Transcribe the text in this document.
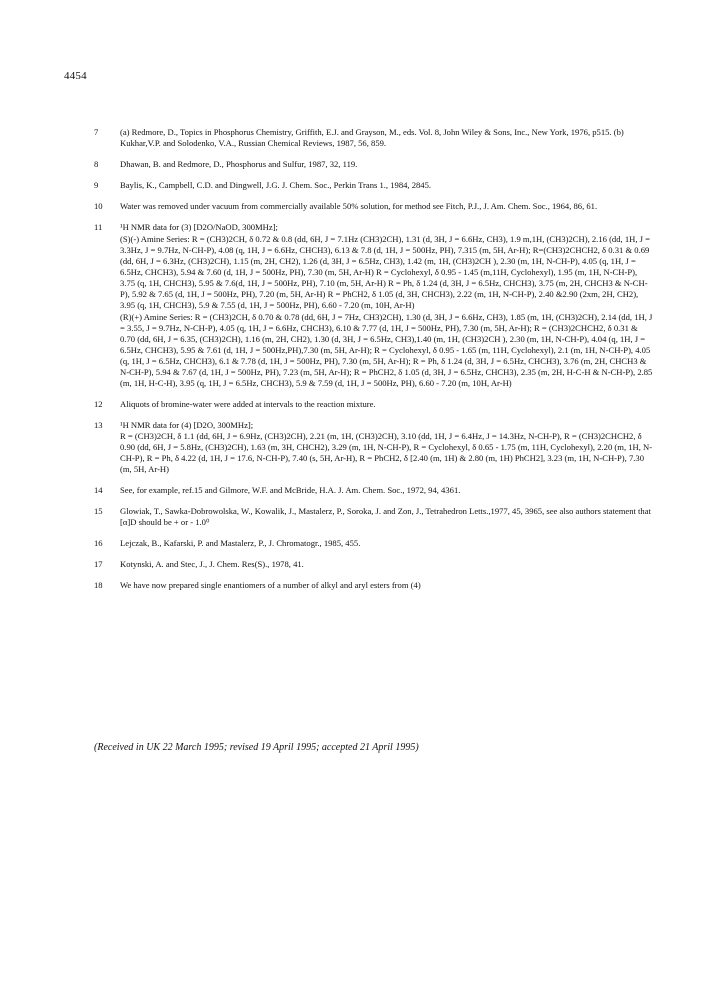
4454
7	(a) Redmore, D., Topics in Phosphorus Chemistry, Griffith, E.J. and Grayson, M., eds. Vol. 8, John Wiley & Sons, Inc., New York, 1976, p515. (b) Kukhar,V.P. and Solodenko, V.A., Russian Chemical Reviews, 1987, 56, 859.

8	Dhawan, B. and Redmore, D., Phosphorus and Sulfur, 1987, 32, 119.

9	Baylis, K., Campbell, C.D. and Dingwell, J.G. J. Chem. Soc., Perkin Trans 1., 1984, 2845.

10	Water was removed under vacuum from commercially available 50% solution, for method see Fitch, P.J., J. Am. Chem. Soc., 1964, 86, 61.

11	¹H NMR data for (3) [D2O/NaOD, 300MHz];

(S)(-) Amine Series: R = (CH3)2CH, δ 0.72 & 0.8 (dd, 6H, J = 7.1Hz (CH3)2CH), 1.31 (d, 3H, J = 6.6Hz, CH3), 1.9 m,1H, (CH3)2CH), 2.16 (dd, 1H, J = 3.3Hz, J = 9.7Hz, N-CH-P), 4.08 (q, 1H, J = 6.6Hz, CHCH3), 6.13 & 7.8 (d, 1H, J = 500Hz, PH), 7.315 (m, 5H, Ar-H); R=(CH3)2CHCH2, δ 0.31 & 0.69 (dd, 6H, J = 6.3Hz, (CH3)2CH), 1.15 (m, 2H, CH2), 1.26 (d, 3H, J = 6.5Hz, CH3), 1.42 (m, 1H, (CH3)2CH ), 2.30 (m, 1H, N-CH-P), 4.05 (q, 1H, J = 6.5Hz, CHCH3), 5.94 & 7.60 (d, 1H, J = 500Hz, PH), 7.30 (m, 5H, Ar-H) R = Cyclohexyl, δ 0.95 - 1.45 (m,11H, Cyclohexyl), 1.95 (m, 1H, N-CH-P), 3.75 (q, 1H, CHCH3), 5.95 & 7.6(d, 1H, J = 500Hz, PH), 7.10 (m, 5H, Ar-H) R = Ph, δ 1.24 (d, 3H, J = 6.5Hz, CHCH3), 3.75 (m, 2H, CHCH3 & N-CH-P), 5.92 & 7.65 (d, 1H, J = 500Hz, PH), 7.20 (m, 5H, Ar-H) R = PhCH2, δ 1.05 (d, 3H, CHCH3), 2.22 (m, 1H, N-CH-P), 2.40 &2.90 (2xm, 2H, CH2), 3.95 (q, 1H, CHCH3), 5.9 & 7.55 (d, 1H, J = 500Hz, PH), 6.60 - 7.20 (m, 10H, Ar-H)

(R)(+) Amine Series: R = (CH3)2CH, δ 0.70 & 0.78 (dd, 6H, J = 7Hz, CH3)2CH), 1.30 (d, 3H, J = 6.6Hz, CH3), 1.85 (m, 1H, (CH3)2CH), 2.14 (dd, 1H, J = 3.55, J = 9.7Hz, N-CH-P), 4.05 (q, 1H, J = 6.6Hz, CHCH3), 6.10 & 7.77 (d, 1H, J = 500Hz, PH), 7.30 (m, 5H, Ar-H); R = (CH3)2CHCH2, δ 0.31 & 0.70 (dd, 6H, J = 6.35, (CH3)2CH), 1.16 (m, 2H, CH2), 1.30 (d, 3H, J = 6.5Hz, CH3),1.40 (m, 1H, (CH3)2CH ), 2.30 (m, 1H, N-CH-P), 4.04 (q, 1H, J = 6.5Hz, CHCH3), 5.95 & 7.61 (d, 1H, J = 500Hz,PH),7.30 (m, 5H, Ar-H); R = Cyclohexyl, δ 0.95 - 1.65 (m, 11H, Cyclohexyl), 2.1 (m, 1H, N-CH-P), 4.05 (q, 1H, J = 6.5Hz, CHCH3), 6.1 & 7.78 (d, 1H, J = 500Hz, PH), 7.30 (m, 5H, Ar-H); R = Ph, δ 1.24 (d, 3H, J = 6.5Hz, CHCH3), 3.76 (m, 2H, CHCH3 & N-CH-P), 5.94 & 7.67 (d, 1H, J = 500Hz, PH), 7.23 (m, 5H, Ar-H); R = PhCH2, δ 1.05 (d, 3H, J = 6.5Hz, CHCH3), 2.35 (m, 2H, H-C-H & N-CH-P), 2.85 (m, 1H, H-C-H), 3.95 (q, 1H, J = 6.5Hz, CHCH3), 5.9 & 7.59 (d, 1H, J = 500Hz, PH), 6.60 - 7.20 (m, 10H, Ar-H)

12	Aliquots of bromine-water were added at intervals to the reaction mixture.

13	¹H NMR data for (4) [D2O, 300MHz];

R = (CH3)2CH, δ 1.1 (dd, 6H, J = 6.9Hz, (CH3)2CH), 2.21 (m, 1H, (CH3)2CH), 3.10 (dd, 1H, J = 6.4Hz, J = 14.3Hz, N-CH-P), R = (CH3)2CHCH2, δ 0.90 (dd, 6H, J = 5.8Hz, (CH3)2CH), 1.63 (m, 3H, CHCH2), 3.29 (m, 1H, N-CH-P), R = Cyclohexyl, δ 0.65 - 1.75 (m, 11H, Cyclohexyl), 2.20 (m, 1H, N-CH-P), R = Ph, δ 4.22 (d, 1H, J = 17.6, N-CH-P), 7.40 (s, 5H, Ar-H), R = PhCH2, δ [2.40 (m, 1H) & 2.80 (m, 1H) PhCH2], 3.23 (m, 1H, N-CH-P), 7.30 (m, 5H, Ar-H)

14	See, for example, ref.15 and Gilmore, W.F. and McBride, H.A. J. Am. Chem. Soc., 1972, 94, 4361.

15	Glowiak, T., Sawka-Dobrowolska, W., Kowalik, J., Mastalerz, P., Soroka, J. and Zon, J., Tetrahedron Letts.,1977, 45, 3965, see also authors statement that [α]D should be + or - 1.0⁰

16	Lejczak, B., Kafarski, P. and Mastalerz, P., J. Chromatogr., 1985, 455.

17	Kotynski, A. and Stec, J., J. Chem. Res(S)., 1978, 41.

18	We have now prepared single enantiomers of a number of alkyl and aryl esters from (4)

(Received in UK 22 March 1995; revised 19 April 1995; accepted 21 April 1995)
